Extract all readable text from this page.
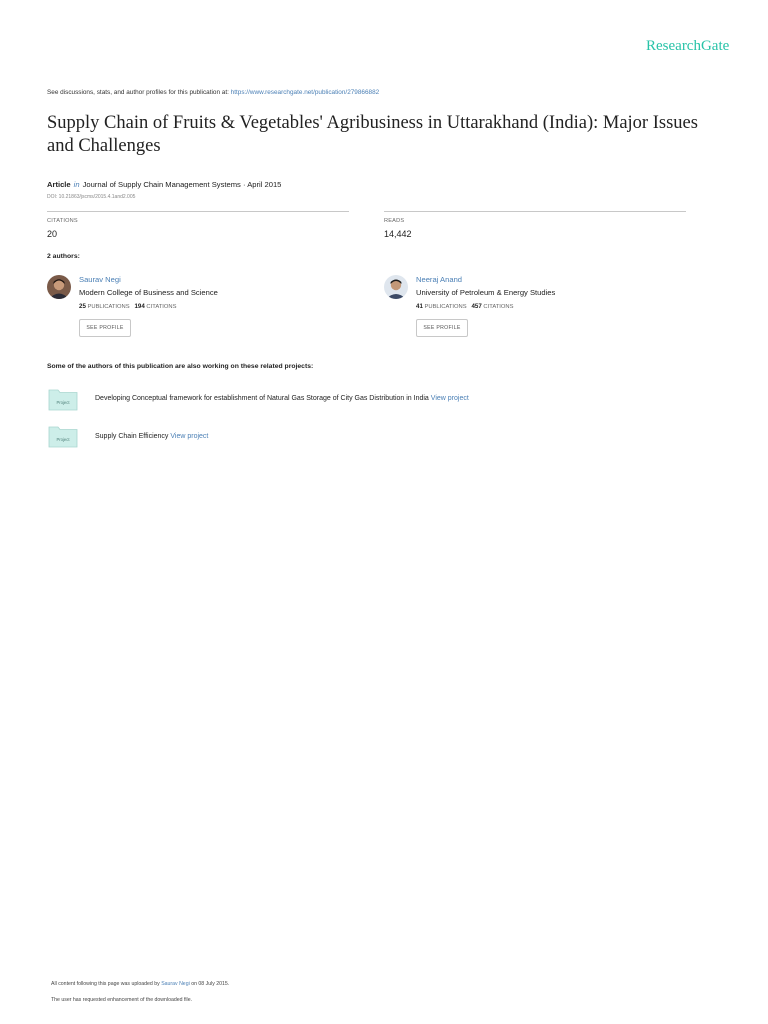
ResearchGate
See discussions, stats, and author profiles for this publication at: https://www.researchgate.net/publication/279866882
Supply Chain of Fruits & Vegetables' Agribusiness in Uttarakhand (India): Major Issues and Challenges
Article in Journal of Supply Chain Management Systems · April 2015
DOI: 10.21863/jscms/2015.4.1and2.005
CITATIONS
20
READS
14,442
2 authors:
Saurav Negi
Modern College of Business and Science
25 PUBLICATIONS 194 CITATIONS
SEE PROFILE
Neeraj Anand
University of Petroleum & Energy Studies
41 PUBLICATIONS 457 CITATIONS
SEE PROFILE
Some of the authors of this publication are also working on these related projects:
Project
Developing Conceptual framework for establishment of Natural Gas Storage of City Gas Distribution in India View project
Project	Supply Chain Efficiency View project
All content following this page was uploaded by Saurav Negi on 08 July 2015.
The user has requested enhancement of the downloaded file.
